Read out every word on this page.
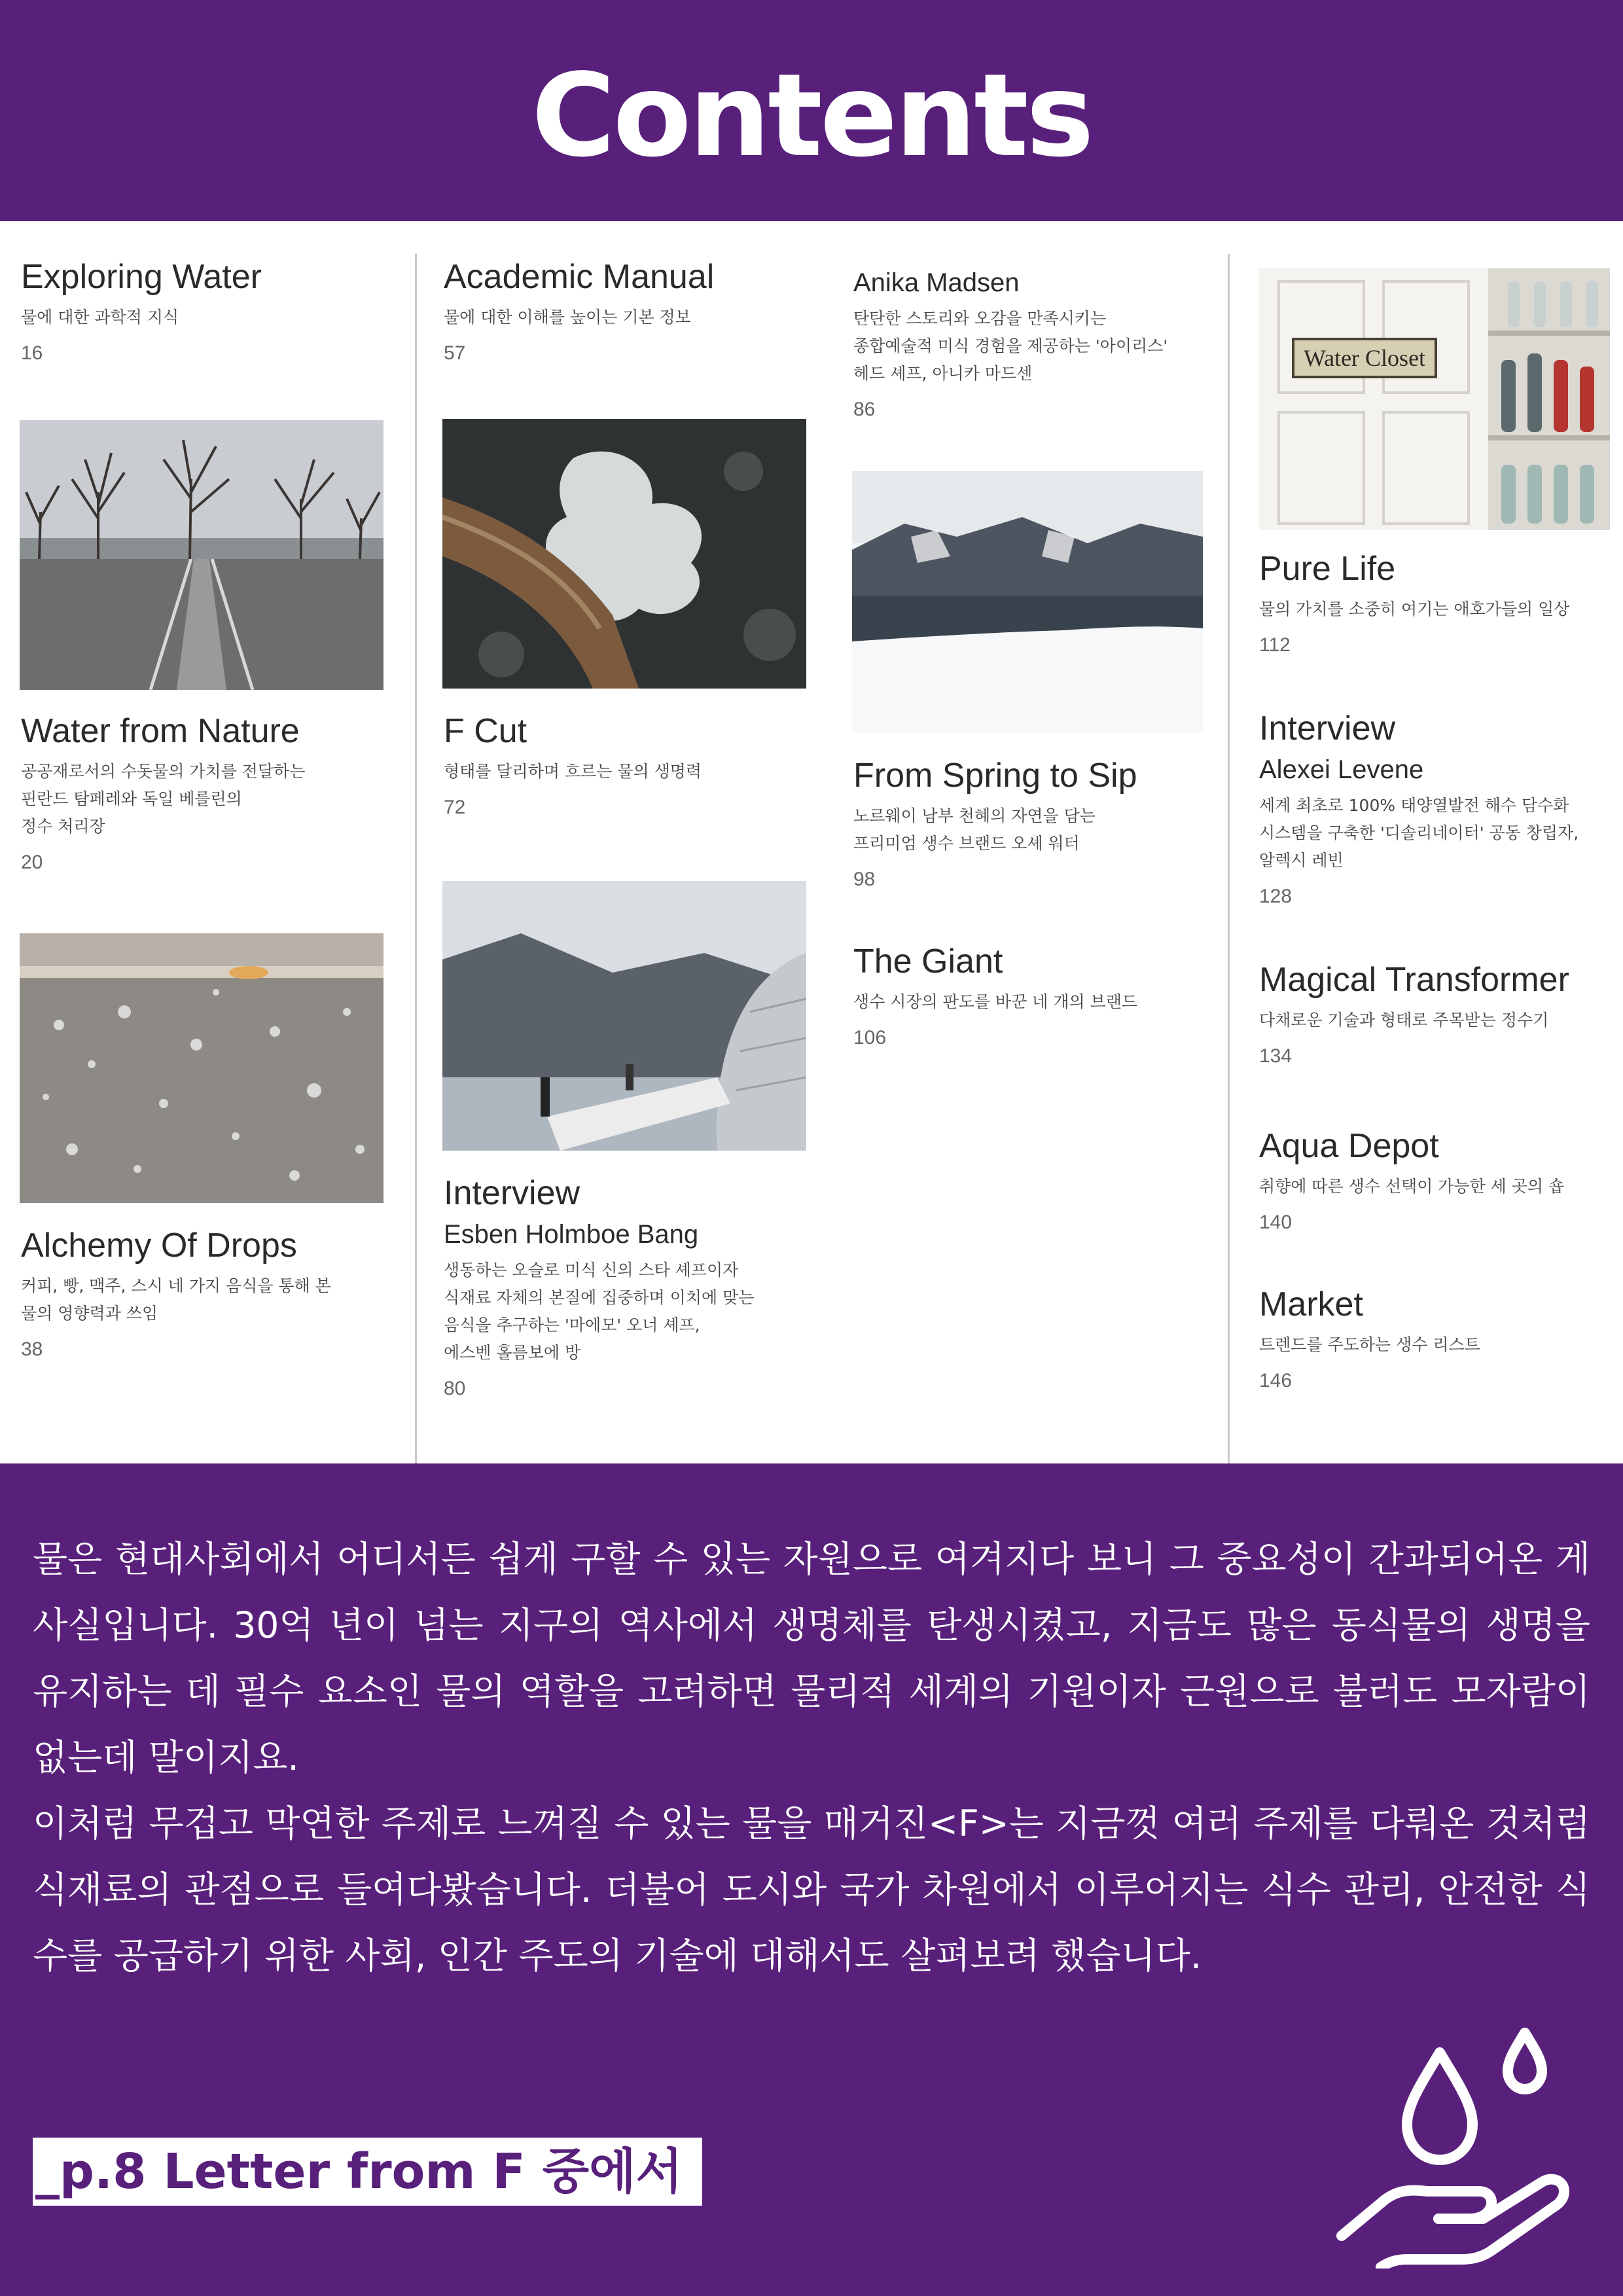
Contents
Exploring Water
물에 대한 과학적 지식
16
Water from Nature
공공재로서의 수돗물의 가치를 전달하는
핀란드 탐페레와 독일 베를린의
정수 처리장
20
Alchemy Of Drops
커피, 빵, 맥주, 스시 네 가지 음식을 통해 본
물의 영향력과 쓰임
38
Academic Manual
물에 대한 이해를 높이는 기본 정보
57
F Cut
형태를 달리하며 흐르는 물의 생명력
72
Interview
Esben Holmboe Bang
생동하는 오슬로 미식 신의 스타 셰프이자
식재료 자체의 본질에 집중하며 이치에 맞는
음식을 추구하는 '마에모' 오너 셰프,
에스벤 홀름보에 방
80
Anika Madsen
탄탄한 스토리와 오감을 만족시키는
종합예술적 미식 경험을 제공하는 '아이리스'
헤드 셰프, 아니카 마드센
86
From Spring to Sip
노르웨이 남부 천혜의 자연을 담는
프리미엄 생수 브랜드 오셰 워터
98
The Giant
생수 시장의 판도를 바꾼 네 개의 브랜드
106
Water Closet
Pure Life
물의 가치를 소중히 여기는 애호가들의 일상
112
Interview
Alexei Levene
세계 최초로 100% 태양열발전 해수 담수화
시스템을 구축한 '디솔리네이터' 공동 창립자,
알렉시 레빈
128
Magical Transformer
다채로운 기술과 형태로 주목받는 정수기
134
Aqua Depot
취향에 따른 생수 선택이 가능한 세 곳의 숍
140
Market
트렌드를 주도하는 생수 리스트
146
물은 현대사회에서 어디서든 쉽게 구할 수 있는 자원으로 여겨지다 보니 그 중요성이 간과되어온 게 사실입니다. 30억 년이 넘는 지구의 역사에서 생명체를 탄생시켰고, 지금도 많은 동식물의 생명을 유지하는 데 필수 요소인 물의 역할을 고려하면 물리적 세계의 기원이자 근원으로 불러도 모자람이 없는데 말이지요.
이처럼 무겁고 막연한 주제로 느껴질 수 있는 물을 매거진<F>는 지금껏 여러 주제를 다뤄온 것처럼 식재료의 관점으로 들여다봤습니다. 더불어 도시와 국가 차원에서 이루어지는 식수 관리, 안전한 식수를 공급하기 위한 사회, 인간 주도의 기술에 대해서도 살펴보려 했습니다.
_p.8 Letter from F 중에서
